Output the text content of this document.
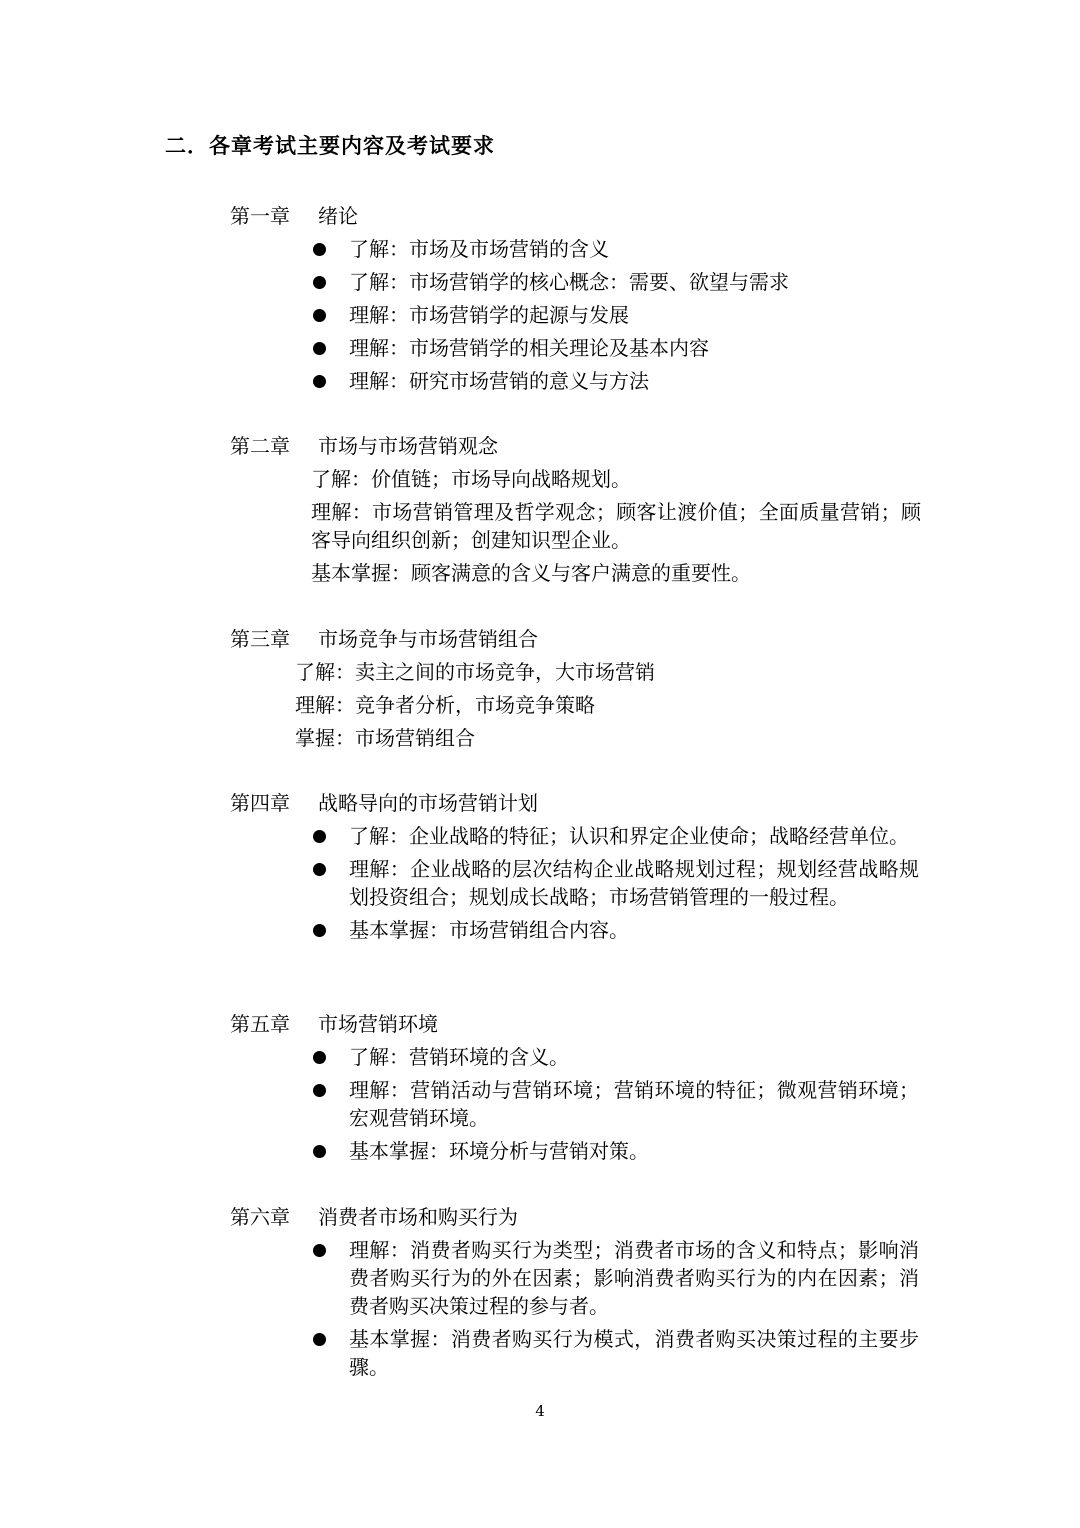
二．各章考试主要内容及考试要求
第一章 绪论
了解：市场及市场营销的含义
了解：市场营销学的核心概念：需要、欲望与需求
理解：市场营销学的起源与发展
理解：市场营销学的相关理论及基本内容
理解：研究市场营销的意义与方法
第二章 市场与市场营销观念
了解：价值链；市场导向战略规划。
理解：市场营销管理及哲学观念；顾客让渡价值；全面质量营销；顾客导向组织创新；创建知识型企业。
基本掌握：顾客满意的含义与客户满意的重要性。
第三章 市场竞争与市场营销组合
了解：卖主之间的市场竞争，大市场营销
理解：竞争者分析，市场竞争策略
掌握：市场营销组合
第四章 战略导向的市场营销计划
了解：企业战略的特征；认识和界定企业使命；战略经营单位。
理解：企业战略的层次结构企业战略规划过程；规划经营战略规划投资组合；规划成长战略；市场营销管理的一般过程。
基本掌握：市场营销组合内容。
第五章 市场营销环境
了解：营销环境的含义。
理解：营销活动与营销环境；营销环境的特征；微观营销环境；宏观营销环境。
基本掌握：环境分析与营销对策。
第六章 消费者市场和购买行为
理解：消费者购买行为类型；消费者市场的含义和特点；影响消费者购买行为的外在因素；影响消费者购买行为的内在因素；消费者购买决策过程的参与者。
基本掌握：消费者购买行为模式，消费者购买决策过程的主要步骤。
4
